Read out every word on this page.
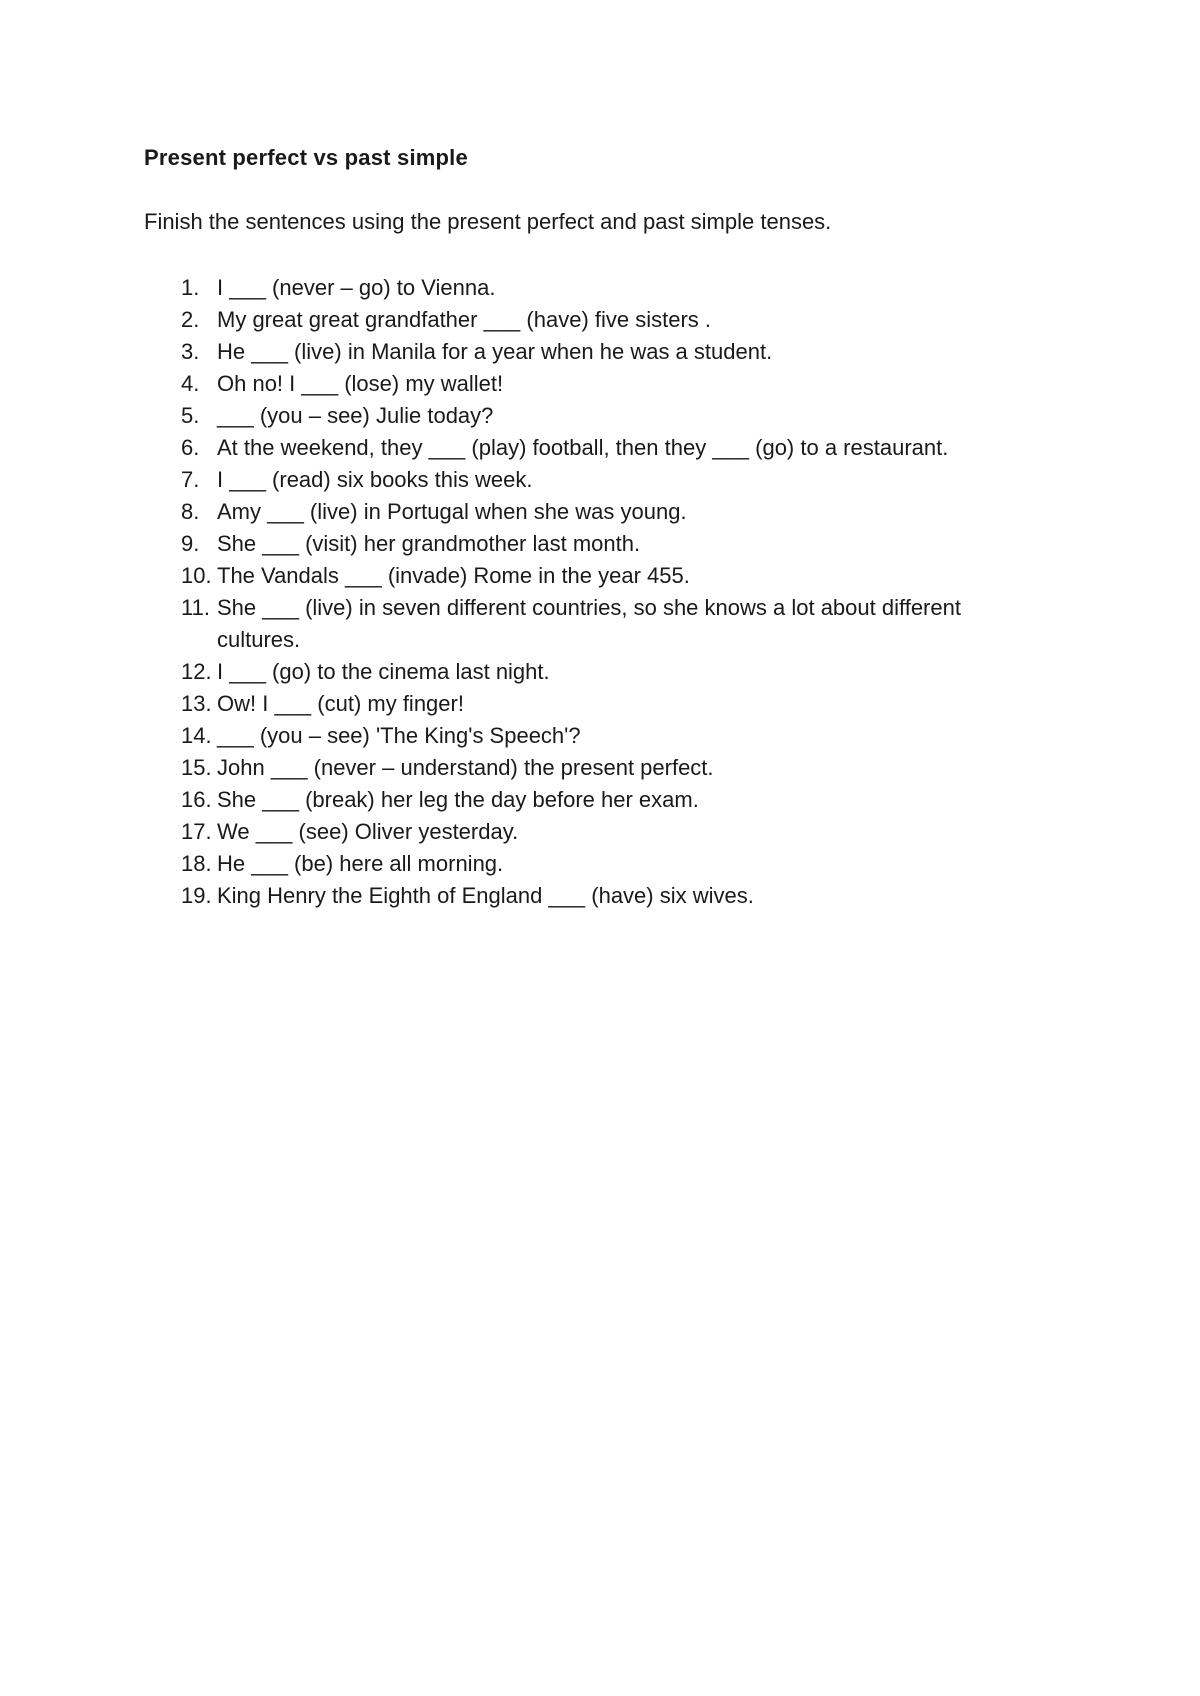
Present perfect vs past simple

Finish the sentences using the present perfect and past simple tenses.

1. I ___ (never – go) to Vienna.
2. My great great grandfather ___ (have) five sisters .
3. He ___ (live) in Manila for a year when he was a student.
4. Oh no! I ___ (lose) my wallet!
5. ___ (you – see) Julie today?
6. At the weekend, they ___ (play) football, then they ___ (go) to a restaurant.
7. I ___ (read) six books this week.
8. Amy ___ (live) in Portugal when she was young.
9. She ___ (visit) her grandmother last month.
10. The Vandals ___ (invade) Rome in the year 455.
11. She ___ (live) in seven different countries, so she knows a lot about different cultures.
12. I ___ (go) to the cinema last night.
13. Ow! I ___ (cut) my finger!
14. ___ (you – see) 'The King's Speech'?
15. John ___ (never – understand) the present perfect.
16. She ___ (break) her leg the day before her exam.
17. We ___ (see) Oliver yesterday.
18. He ___ (be) here all morning.
19. King Henry the Eighth of England ___ (have) six wives.
